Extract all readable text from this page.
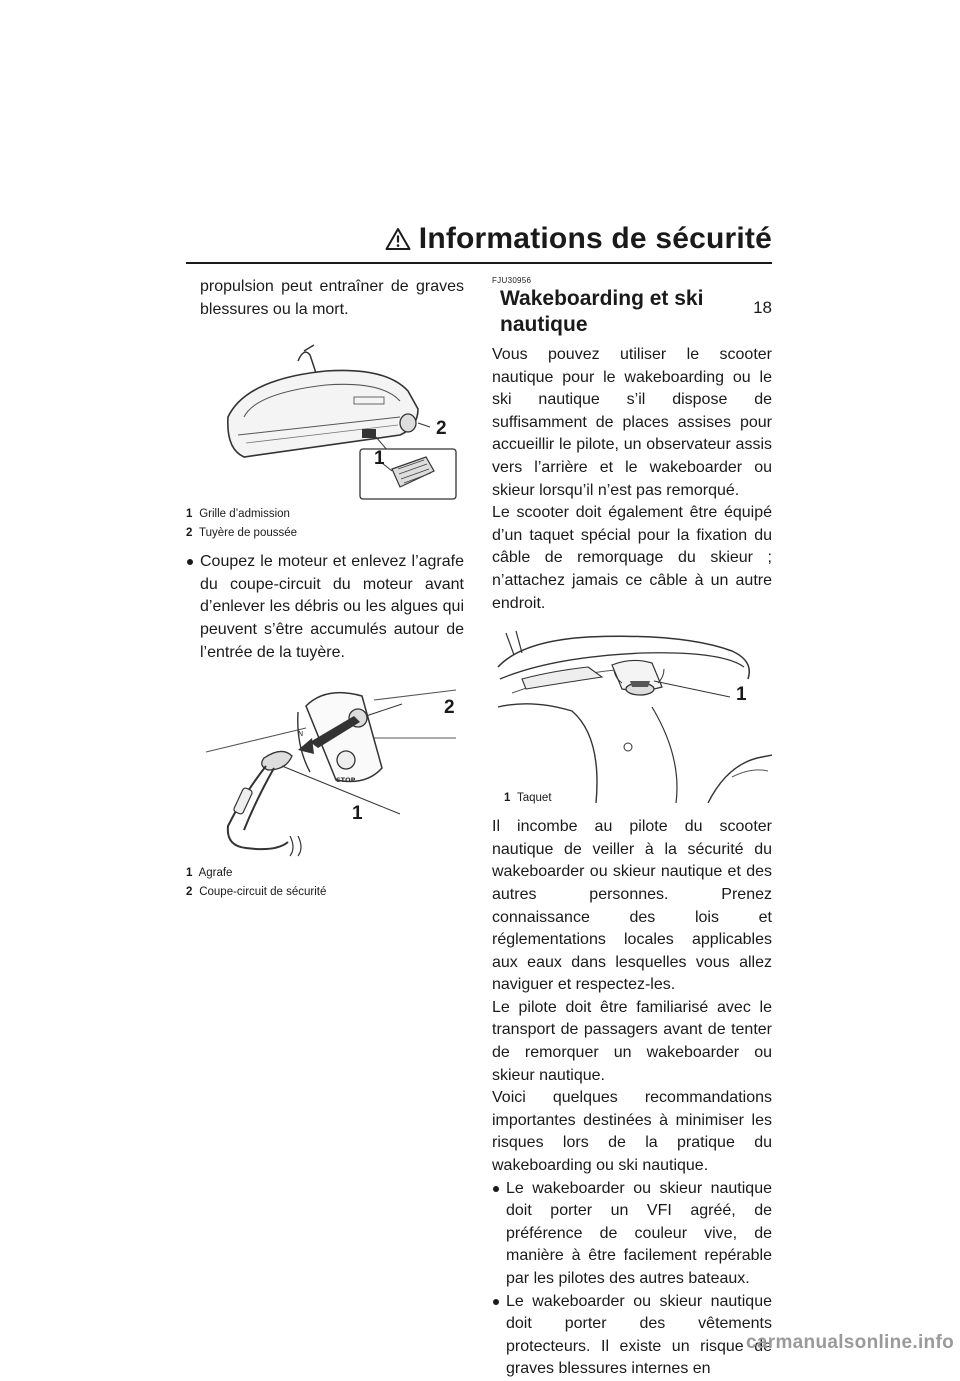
Informations de sécurité
18

propulsion peut entraîner de graves blessures ou la mort.

2
1
1 Grille d’admission
2 Tuyère de poussée

Coupez le moteur et enlevez l’agrafe du coupe-circuit du moteur avant d’enlever les débris ou les algues qui peuvent s’être accumulés autour de l’entrée de la tuyère.

N
STOP
2
1
1 Agrafe
2 Coupe-circuit de sécurité
FJU30956
Wakeboarding et ski nautique

Vous pouvez utiliser le scooter nautique pour le wakeboarding ou le ski nautique s’il dispose de suffisamment de places assises pour accueillir le pilote, un observateur assis vers l’arrière et le wakeboarder ou skieur lorsqu’il n’est pas remorqué.

Le scooter doit également être équipé d’un taquet spécial pour la fixation du câble de remorquage du skieur ; n’attachez jamais ce câble à un autre endroit.

1
1 Taquet

Il incombe au pilote du scooter nautique de veiller à la sécurité du wakeboarder ou skieur nautique et des autres personnes. Prenez connaissance des lois et réglementations locales applicables aux eaux dans lesquelles vous allez naviguer et respectez-les.

Le pilote doit être familiarisé avec le transport de passagers avant de tenter de remorquer un wakeboarder ou skieur nautique.

Voici quelques recommandations importantes destinées à minimiser les risques lors de la pratique du wakeboarding ou ski nautique.

Le wakeboarder ou skieur nautique doit porter un VFI agréé, de préférence de couleur vive, de manière à être facilement repérable par les pilotes des autres bateaux.

Le wakeboarder ou skieur nautique doit porter des vêtements protecteurs. Il existe un risque de graves blessures internes en

carmanualsonline.info
